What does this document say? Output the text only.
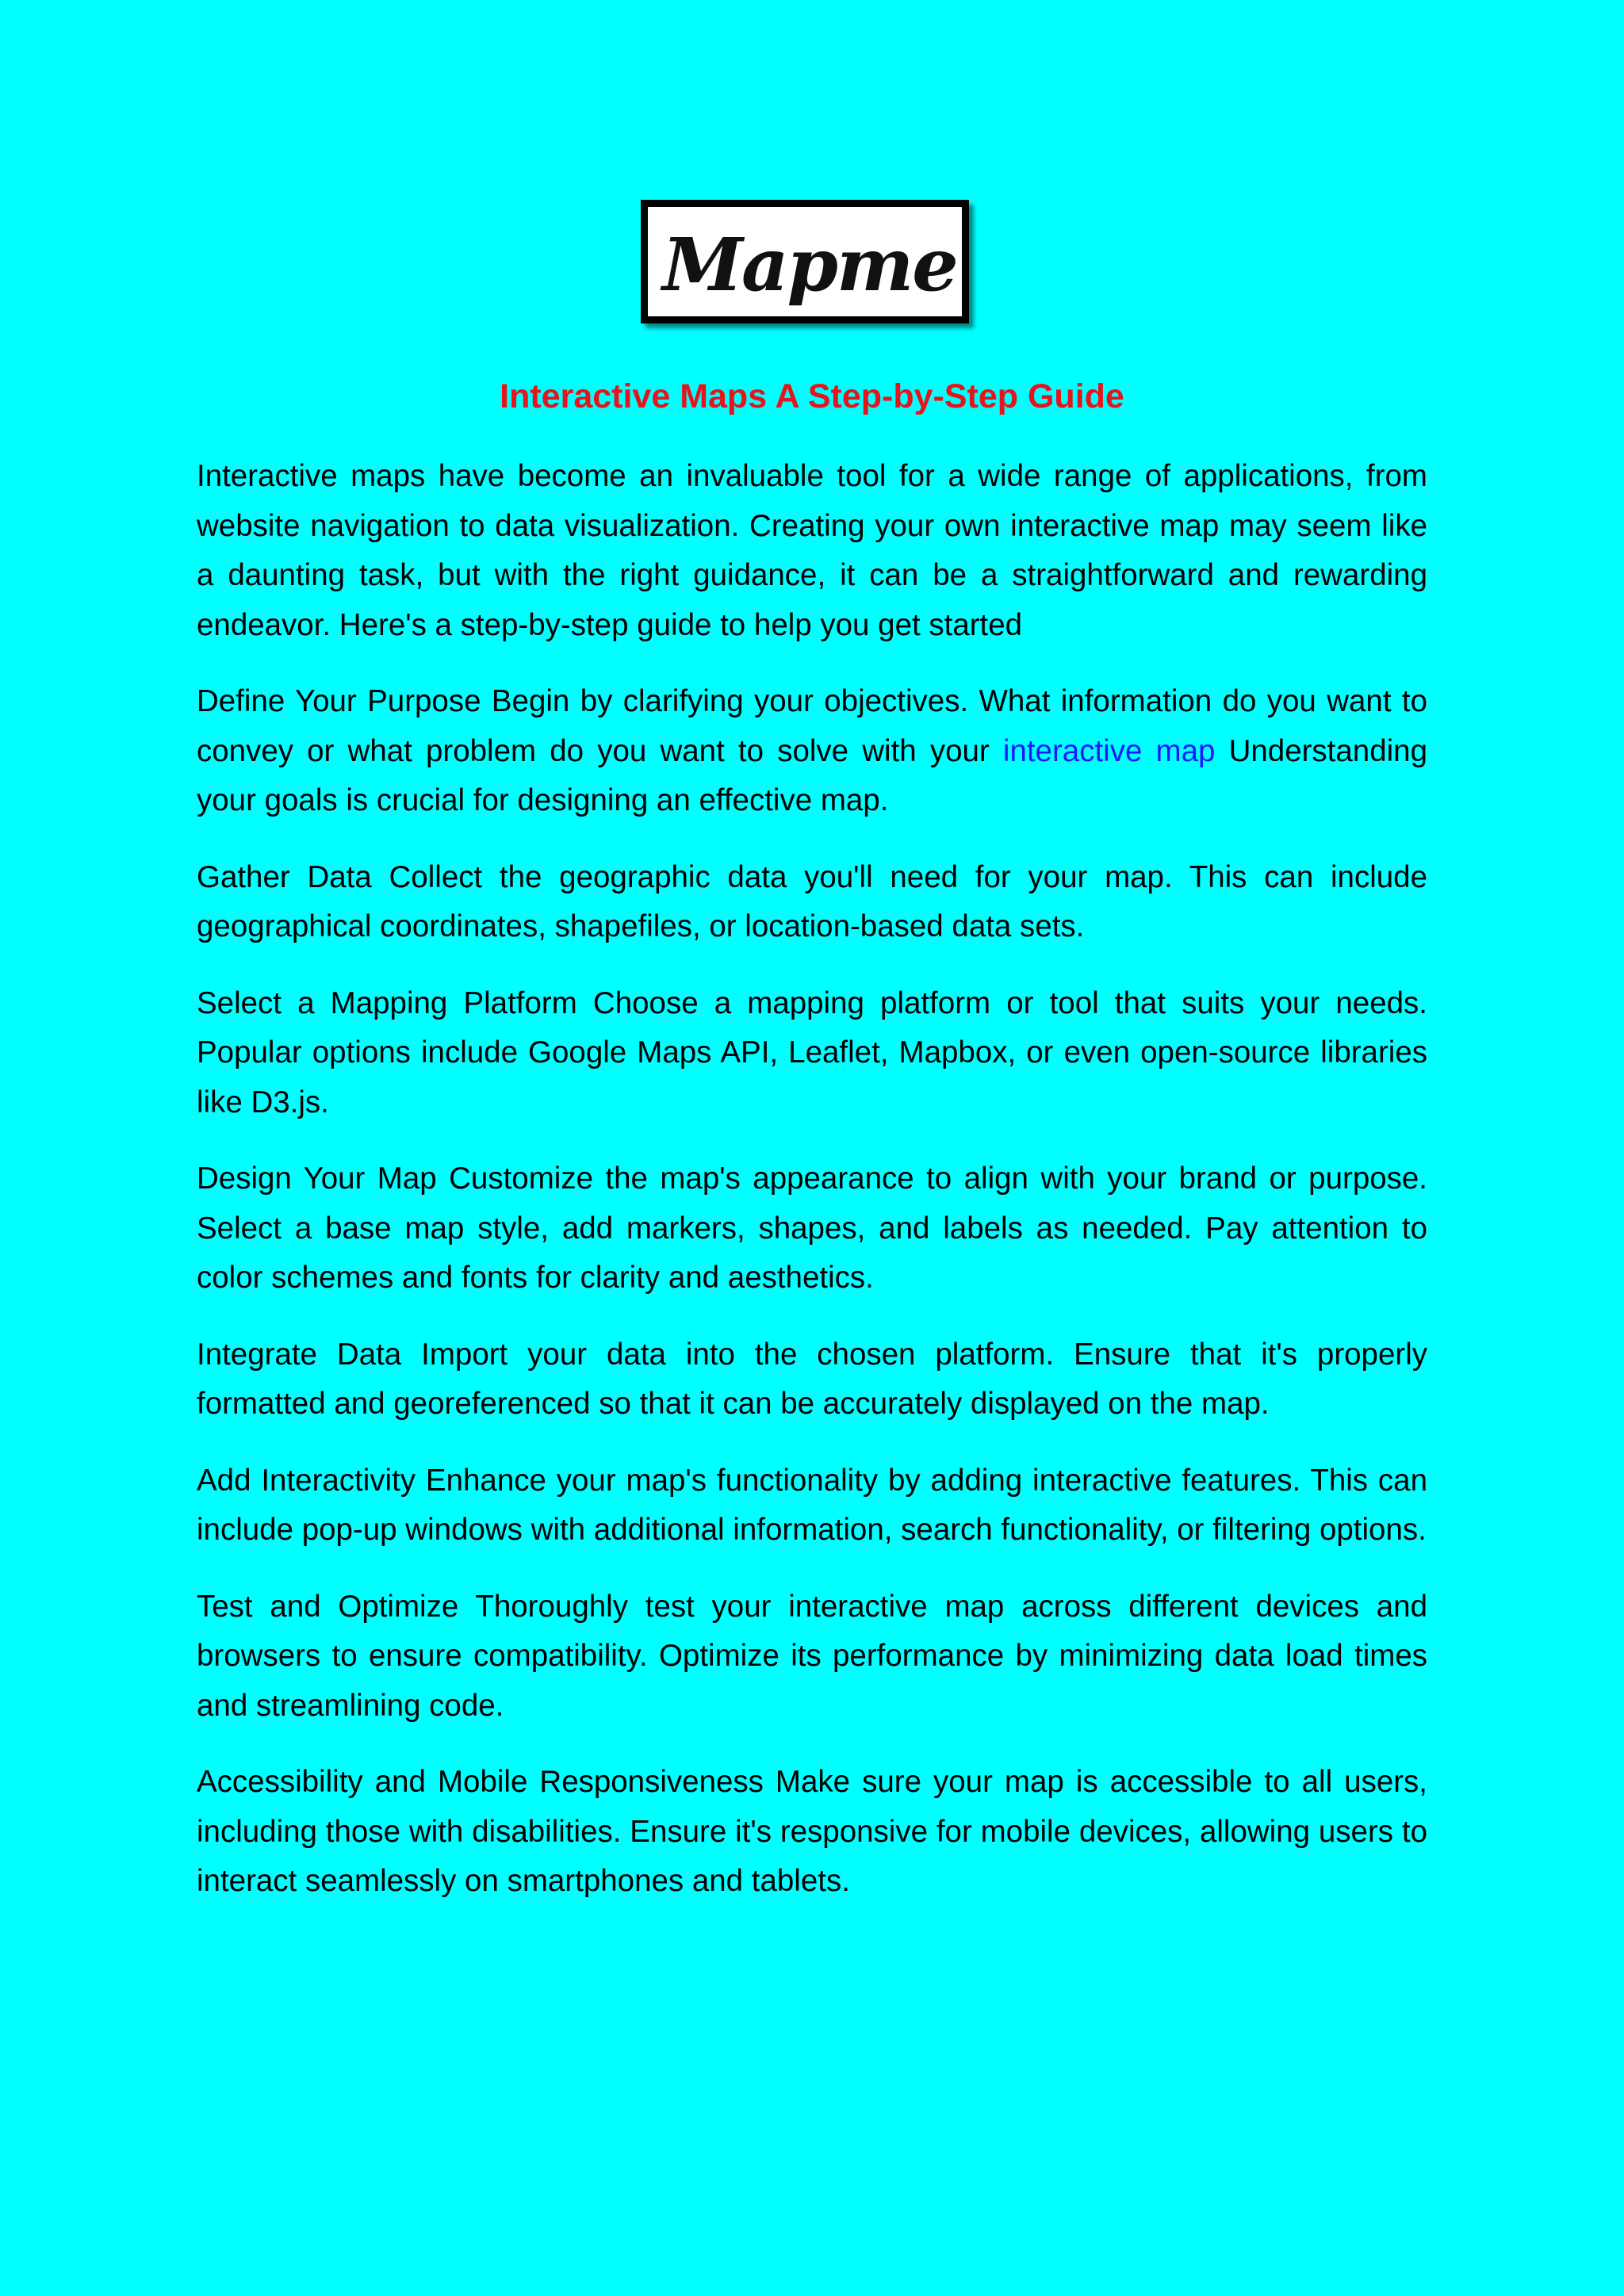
Mapme
Interactive Maps A Step-by-Step Guide

Interactive maps have become an invaluable tool for a wide range of applications, from website navigation to data visualization. Creating your own interactive map may seem like a daunting task, but with the right guidance, it can be a straightforward and rewarding endeavor. Here's a step-by-step guide to help you get started

Define Your Purpose Begin by clarifying your objectives. What information do you want to convey or what problem do you want to solve with your interactive map Understanding your goals is crucial for designing an effective map.

Gather Data Collect the geographic data you'll need for your map. This can include geographical coordinates, shapefiles, or location-based data sets.

Select a Mapping Platform Choose a mapping platform or tool that suits your needs. Popular options include Google Maps API, Leaflet, Mapbox, or even open-source libraries like D3.js.

Design Your Map Customize the map's appearance to align with your brand or purpose. Select a base map style, add markers, shapes, and labels as needed. Pay attention to color schemes and fonts for clarity and aesthetics.

Integrate Data Import your data into the chosen platform. Ensure that it's properly formatted and georeferenced so that it can be accurately displayed on the map.

Add Interactivity Enhance your map's functionality by adding interactive features. This can include pop-up windows with additional information, search functionality, or filtering options.

Test and Optimize Thoroughly test your interactive map across different devices and browsers to ensure compatibility. Optimize its performance by minimizing data load times and streamlining code.

Accessibility and Mobile Responsiveness Make sure your map is accessible to all users, including those with disabilities. Ensure it's responsive for mobile devices, allowing users to interact seamlessly on smartphones and tablets.
